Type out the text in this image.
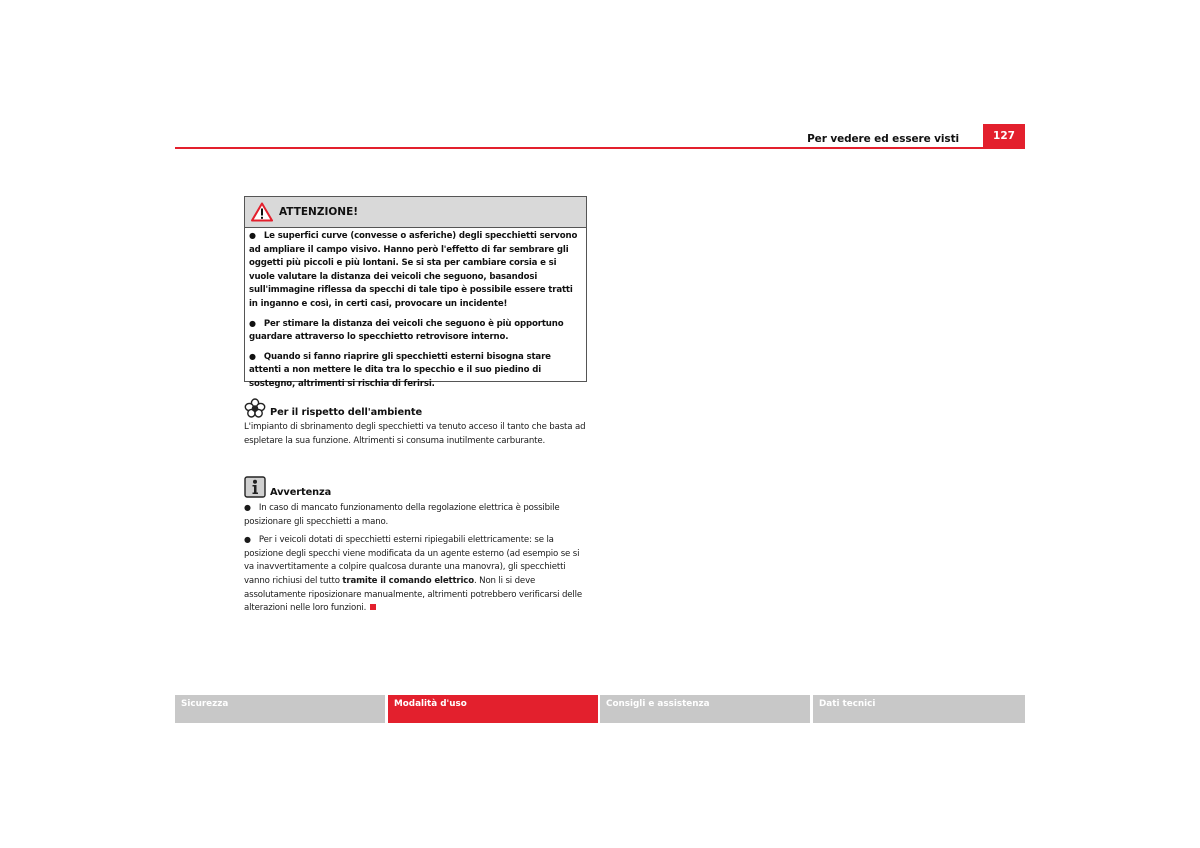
Per vedere ed essere visti	127
ATTENZIONE!

● Le superfici curve (convesse o asferiche) degli specchietti servono ad ampliare il campo visivo. Hanno però l'effetto di far sembrare gli oggetti più piccoli e più lontani. Se si sta per cambiare corsia e si vuole valutare la distanza dei veicoli che seguono, basandosi sull'immagine riflessa da specchi di tale tipo è possibile essere tratti in inganno e così, in certi casi, provocare un incidente!

● Per stimare la distanza dei veicoli che seguono è più opportuno guardare attraverso lo specchietto retrovisore interno.

● Quando si fanno riaprire gli specchietti esterni bisogna stare attenti a non mettere le dita tra lo specchio e il suo piedino di sostegno, altrimenti si rischia di ferirsi.

Per il rispetto dell'ambiente

L'impianto di sbrinamento degli specchietti va tenuto acceso il tanto che basta ad espletare la sua funzione. Altrimenti si consuma inutilmente carburante.

Avvertenza

● In caso di mancato funzionamento della regolazione elettrica è possibile posizionare gli specchietti a mano.

● Per i veicoli dotati di specchietti esterni ripiegabili elettricamente: se la posizione degli specchi viene modificata da un agente esterno (ad esempio se si va inavvertitamente a colpire qualcosa durante una manovra), gli specchietti vanno richiusi del tutto tramite il comando elettrico. Non li si deve assolutamente riposizionare manualmente, altrimenti potrebbero verificarsi delle alterazioni nelle loro funzioni.

Sicurezza	Modalità d'uso	Consigli e assistenza	Dati tecnici
